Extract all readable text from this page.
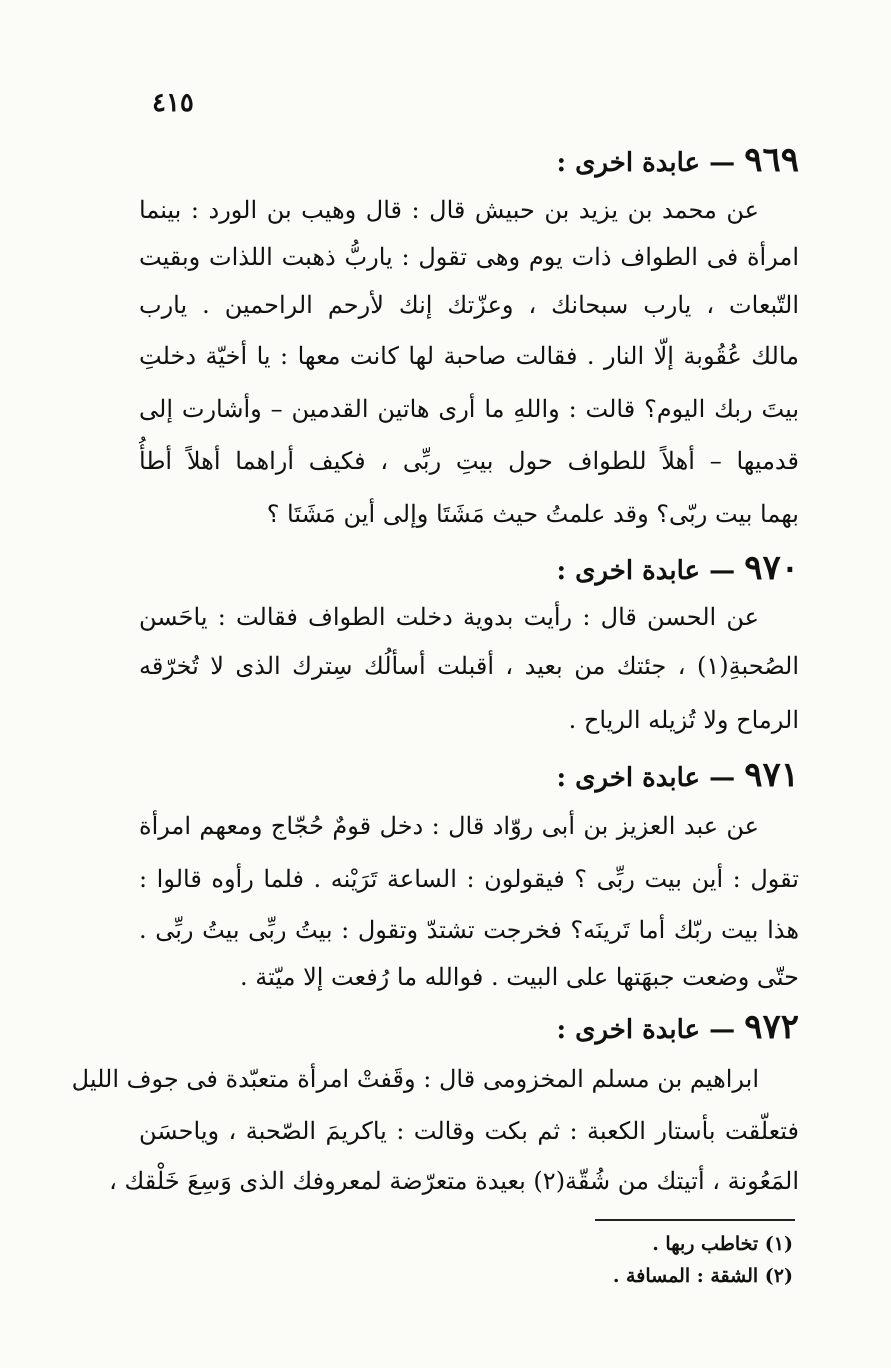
٤١٥
٩٦٩ — عابدة اخرى :
عن محمد بن يزيد بن حبيش قال : قال وهيب بن الورد : بينما
امرأة فى الطواف ذات يوم وهى تقول : ياربُّ ذهبت اللذات وبقيت
التّبعات ، يارب سبحانك ، وعزّتك إنك لأرحم الراحمين . يارب
مالك عُقُوبة إلّا النار . فقالت صاحبة لها كانت معها : يا أخيّة دخلتِ
بيتَ ربك اليوم؟ قالت : واللهِ ما أرى هاتين القدمين – وأشارت إلى
قدميها – أهلاً للطواف حول بيتِ ربِّى ، فكيف أراهما أهلاً أطأُ
بهما بيت ربّى؟ وقد علمتُ حيث مَشَتَا وإلى أين مَشَتَا ؟
٩٧٠ — عابدة اخرى :
عن الحسن قال : رأيت بدوية دخلت الطواف فقالت : ياحَسن
الصُحبةِ(١) ، جئتك من بعيد ، أقبلت أسألُك سِترك الذى لا تُخرّقه
الرماح ولا تُزيله الرياح .
٩٧١ — عابدة اخرى :
عن عبد العزيز بن أبى روّاد قال : دخل قومٌ حُجّاج ومعهم امرأة
تقول : أين بيت ربِّى ؟ فيقولون : الساعة تَرَيْنه . فلما رأوه قالوا :
هذا بيت ربّك أما تَرينَه؟ فخرجت تشتدّ وتقول : بيتُ ربِّى بيتُ ربِّى .
حتّى وضعت جبهَتها على البيت . فوالله ما رُفعت إلا ميّتة .
٩٧٢ — عابدة اخرى :
ابراهيم بن مسلم المخزومى قال : وقَفتْ امرأة متعبّدة فى جوف الليل
فتعلّقت بأستار الكعبة : ثم بكت وقالت : ياكريمَ الصّحبة ، وياحسَن
المَعُونة ، أتيتك من شُقّة(٢) بعيدة متعرّضة لمعروفك الذى وَسِعَ خَلْقك ،
(١) تخاطب ربها .
(٢) الشقة : المسافة .
